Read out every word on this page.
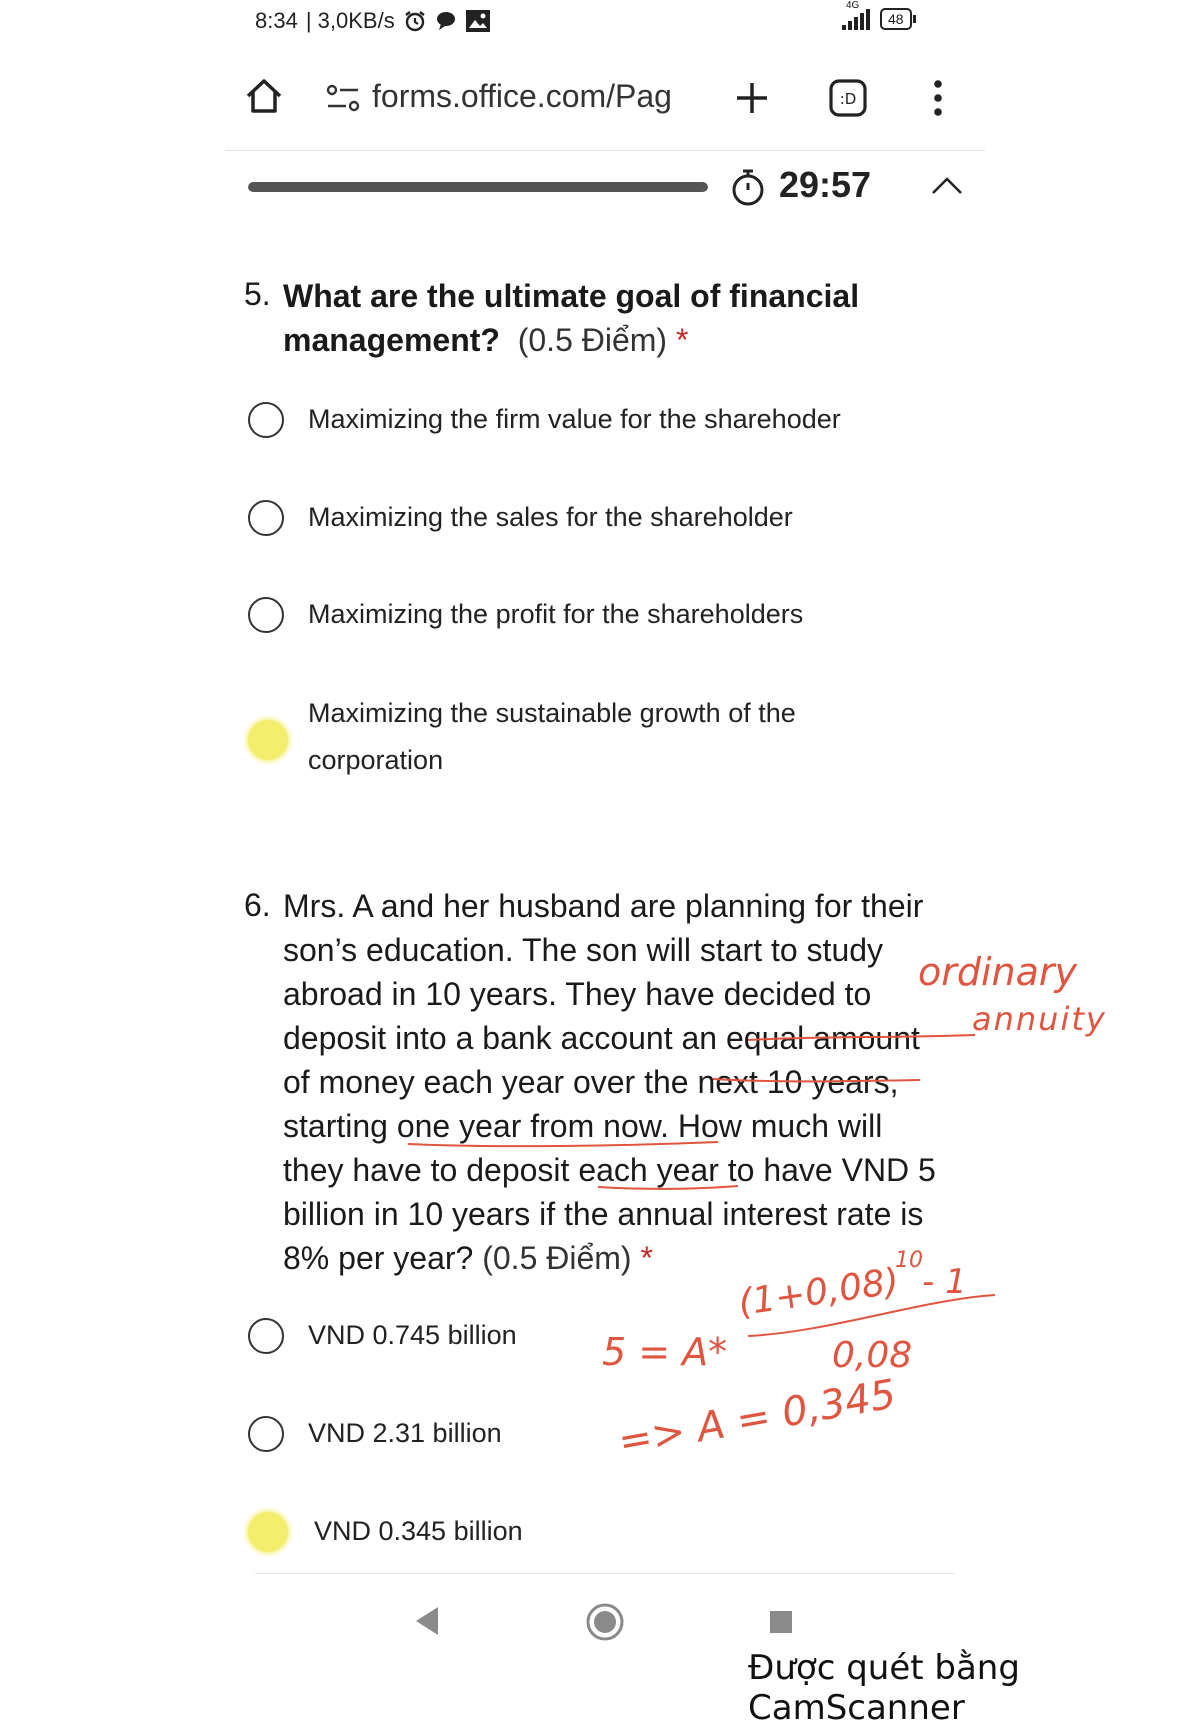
8:34 | 3,0KB/s
4G
48
forms.office.com/Pag	:D
29:57
5. What are the ultimate goal of financial
management? (0.5 Điểm) *
Maximizing the firm value for the sharehoder
Maximizing the sales for the shareholder
Maximizing the profit for the shareholders
Maximizing the sustainable growth of the
corporation
6. Mrs. A and her husband are planning for their
son’s education. The son will start to study
abroad in 10 years. They have decided to
deposit into a bank account an equal amount
of money each year over the next 10 years,
starting one year from now. How much will
they have to deposit each year to have VND 5
billion in 10 years if the annual interest rate is
8% per year? (0.5 Điểm) *
ordinary
annuity
5 = A*
(1+0,08)
10
- 1
0,08
=> A = 0,345
VND 0.745 billion
VND 2.31 billion
VND 0.345 billion
Được quét bằng CamScanner
